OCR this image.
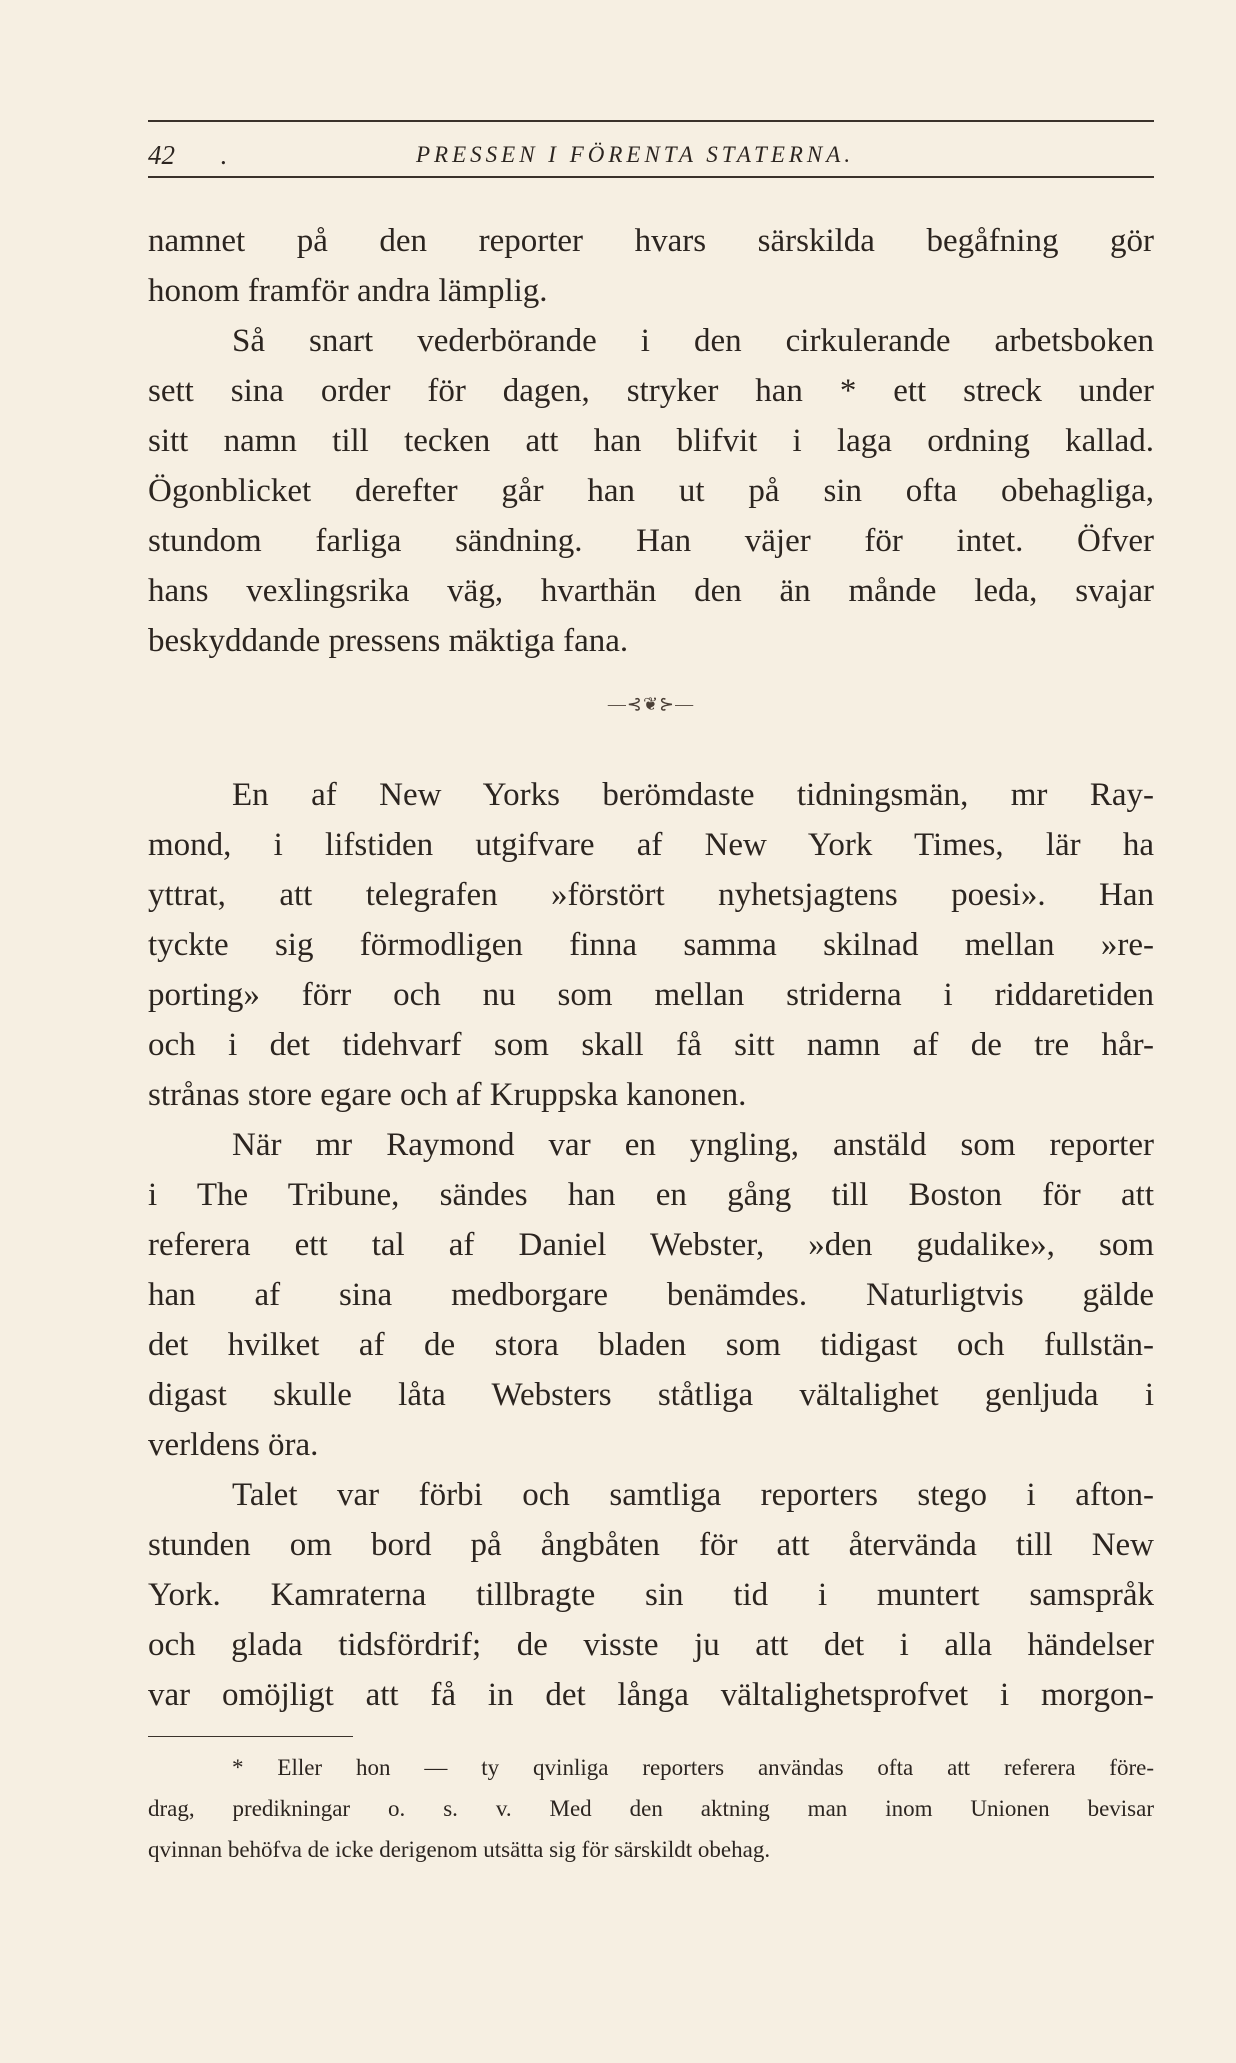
42 .	PRESSEN I FÖRENTA STATERNA.

namnet på den reporter hvars särskilda begåfning gör

honom framför andra lämplig.

Så snart vederbörande i den cirkulerande arbetsboken

sett sina order för dagen, stryker han * ett streck under

sitt namn till tecken att han blifvit i laga ordning kallad.

Ögonblicket derefter går han ut på sin ofta obehagliga,

stundom farliga sändning. Han väjer för intet. Öfver

hans vexlingsrika väg, hvarthän den än månde leda, svajar

beskyddande pressens mäktiga fana.

—⊰❦⊱—

En af New Yorks berömdaste tidningsmän, mr Ray-

mond, i lifstiden utgifvare af New York Times, lär ha

yttrat, att telegrafen »förstört nyhetsjagtens poesi». Han

tyckte sig förmodligen finna samma skilnad mellan »re-

porting» förr och nu som mellan striderna i riddaretiden

och i det tidehvarf som skall få sitt namn af de tre hår-

strånas store egare och af Kruppska kanonen.

När mr Raymond var en yngling, anstäld som reporter

i The Tribune, sändes han en gång till Boston för att

referera ett tal af Daniel Webster, »den gudalike», som

han af sina medborgare benämdes. Naturligtvis gälde

det hvilket af de stora bladen som tidigast och fullstän-

digast skulle låta Websters ståtliga vältalighet genljuda i

verldens öra.

Talet var förbi och samtliga reporters stego i afton-

stunden om bord på ångbåten för att återvända till New

York. Kamraterna tillbragte sin tid i muntert samspråk

och glada tidsfördrif; de visste ju att det i alla händelser

var omöjligt att få in det långa vältalighetsprofvet i morgon-

* Eller hon — ty qvinliga reporters användas ofta att referera före-

drag, predikningar o. s. v. Med den aktning man inom Unionen bevisar

qvinnan behöfva de icke derigenom utsätta sig för särskildt obehag.
